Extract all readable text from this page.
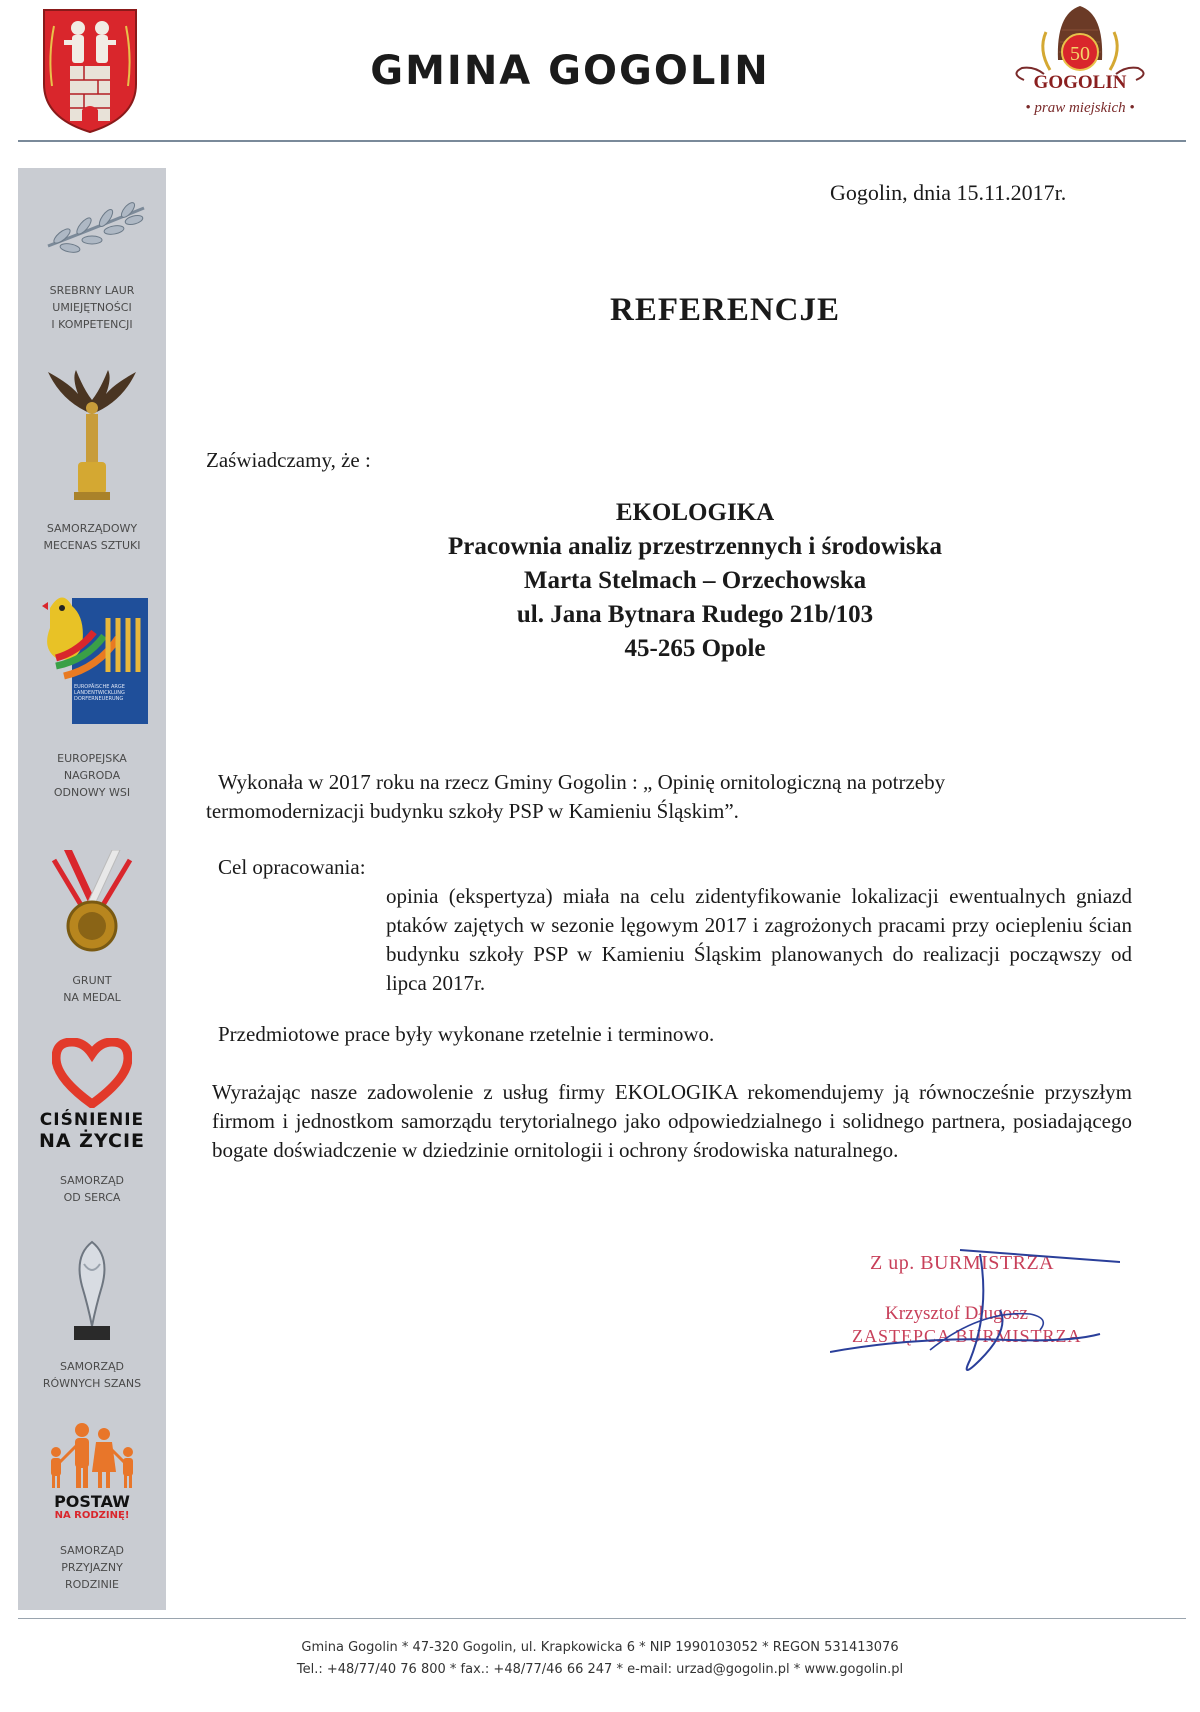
GMINA GOGOLIN	50
GOGOLIN
• praw miejskich •
SREBRNY LAUR
UMIEJĘTNOŚCI
I KOMPETENCJI
SAMORZĄDOWY
MECENAS SZTUKI
EUROPÄISCHE ARGE
LANDENTWICKLUNG
DORFERNEUERUNG
EUROPEJSKA
NAGRODA
ODNOWY WSI
GRUNT
NA MEDAL
CIŚNIENIE
NA ŻYCIE
SAMORZĄD
OD SERCA
SAMORZĄD
RÓWNYCH SZANS
POSTAW
NA RODZINĘ!
SAMORZĄD
PRZYJAZNY
RODZINIE
Gogolin, dnia 15.11.2017r.
REFERENCJE
Zaświadczamy, że :
EKOLOGIKA
Pracownia analiz przestrzennych i środowiska
Marta Stelmach – Orzechowska
ul. Jana Bytnara Rudego 21b/103
45-265 Opole
Wykonała w 2017 roku na rzecz Gminy Gogolin : „ Opinię ornitologiczną na potrzeby
termomodernizacji budynku szkoły PSP w Kamieniu Śląskim”.
Cel opracowania:
opinia (ekspertyza) miała na celu zidentyfikowanie lokalizacji ewentualnych gniazd ptaków zajętych w sezonie lęgowym 2017 i zagrożonych pracami przy ociepleniu ścian budynku szkoły PSP w Kamieniu Śląskim planowanych do realizacji począwszy od lipca 2017r.
Przedmiotowe prace były wykonane rzetelnie i terminowo.
Wyrażając nasze zadowolenie z usług firmy EKOLOGIKA rekomendujemy ją równocześnie przyszłym firmom i jednostkom samorządu terytorialnego jako odpowiedzialnego i solidnego partnera, posiadającego bogate doświadczenie w dziedzinie ornitologii i ochrony środowiska naturalnego.
Z up. BURMISTRZA
Krzysztof Długosz
ZASTĘPCA BURMISTRZA
Gmina Gogolin * 47-320 Gogolin, ul. Krapkowicka 6 * NIP 1990103052 * REGON 531413076
Tel.: +48/77/40 76 800 * fax.: +48/77/46 66 247 * e-mail: urzad@gogolin.pl * www.gogolin.pl
